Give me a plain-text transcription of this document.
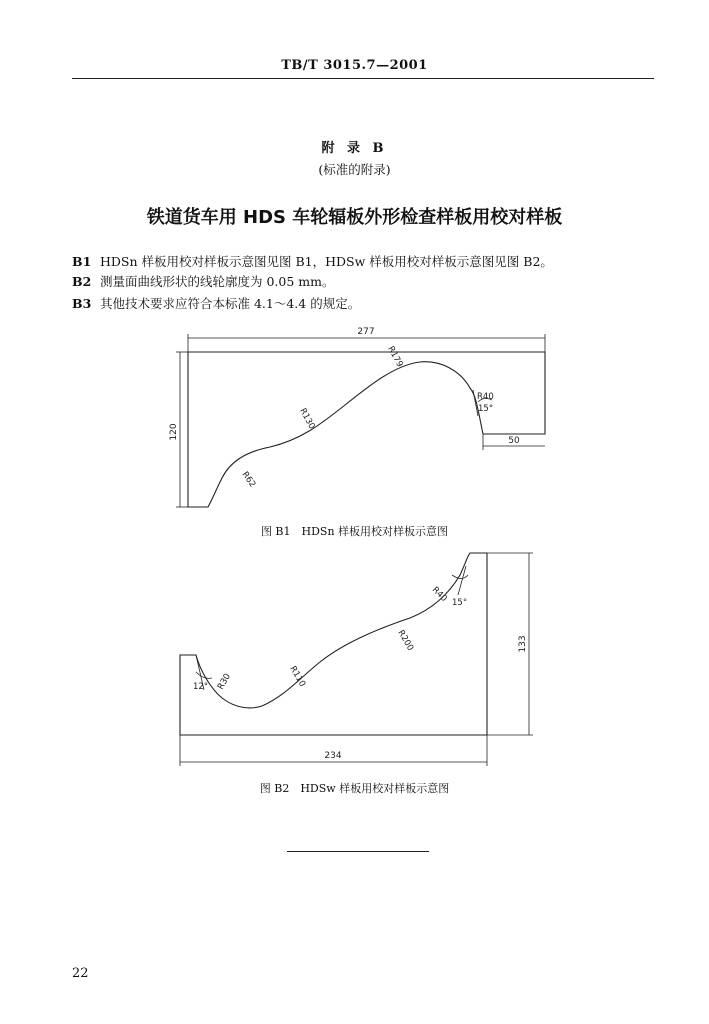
TB/T 3015.7—2001
附 录 B
(标准的附录)
铁道货车用 HDS 车轮辐板外形检查样板用校对样板
B1 HDSn 样板用校对样板示意图见图 B1，HDSw 样板用校对样板示意图见图 B2。
B2 测量面曲线形状的线轮廓度为 0.05 mm。
B3 其他技术要求应符合本标准 4.1～4.4 的规定。
277
120
50
R62
R130
R179
R40
15°
图 B1　HDSn 样板用校对样板示意图
234
133
R30	R110
R200
R40
12°
15°
图 B2　HDSw 样板用校对样板示意图
22
